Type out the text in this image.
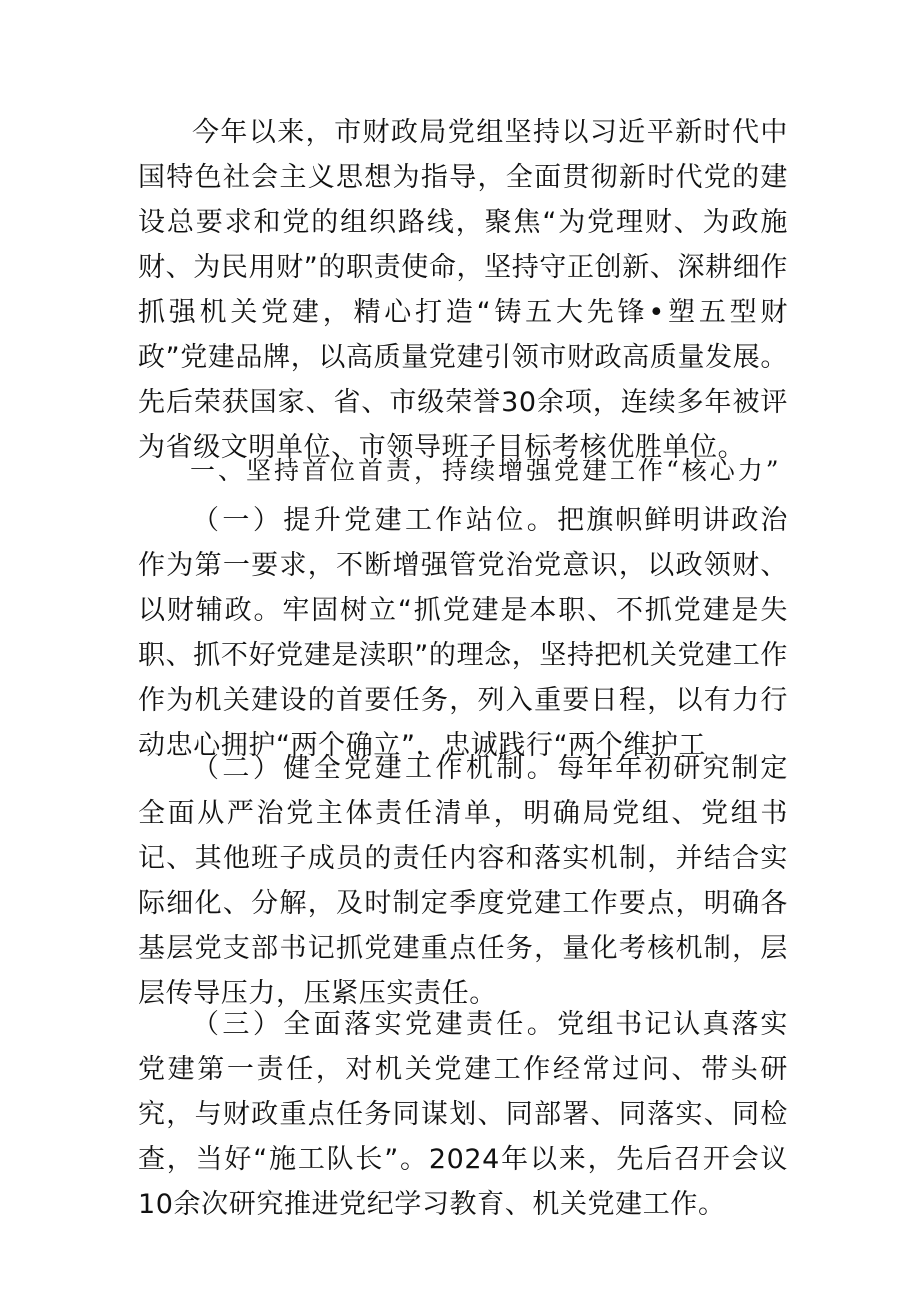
今年以来，市财政局党组坚持以习近平新时代中国特色社会主义思想为指导，全面贯彻新时代党的建设总要求和党的组织路线，聚焦“为党理财、为政施财、为民用财”的职责使命，坚持守正创新、深耕细作抓强机关党建，精心打造“铸五大先锋•塑五型财政”党建品牌，以高质量党建引领市财政高质量发展。先后荣获国家、省、市级荣誉30余项，连续多年被评为省级文明单位、市领导班子目标考核优胜单位。

一、坚持首位首责，持续增强党建工作“核心力”

（一）提升党建工作站位。把旗帜鲜明讲政治作为第一要求，不断增强管党治党意识，以政领财、以财辅政。牢固树立“抓党建是本职、不抓党建是失职、抓不好党建是渎职”的理念，坚持把机关党建工作作为机关建设的首要任务，列入重要日程，以有力行动忠心拥护“两个确立”，忠诚践行“两个维护工

（二）健全党建工作机制。每年年初研究制定全面从严治党主体责任清单，明确局党组、党组书记、其他班子成员的责任内容和落实机制，并结合实际细化、分解，及时制定季度党建工作要点，明确各基层党支部书记抓党建重点任务，量化考核机制，层层传导压力，压紧压实责任。

（三）全面落实党建责任。党组书记认真落实党建第一责任，对机关党建工作经常过问、带头研究，与财政重点任务同谋划、同部署、同落实、同检查，当好“施工队长”。2024年以来，先后召开会议10余次研究推进党纪学习教育、机关党建工作。
